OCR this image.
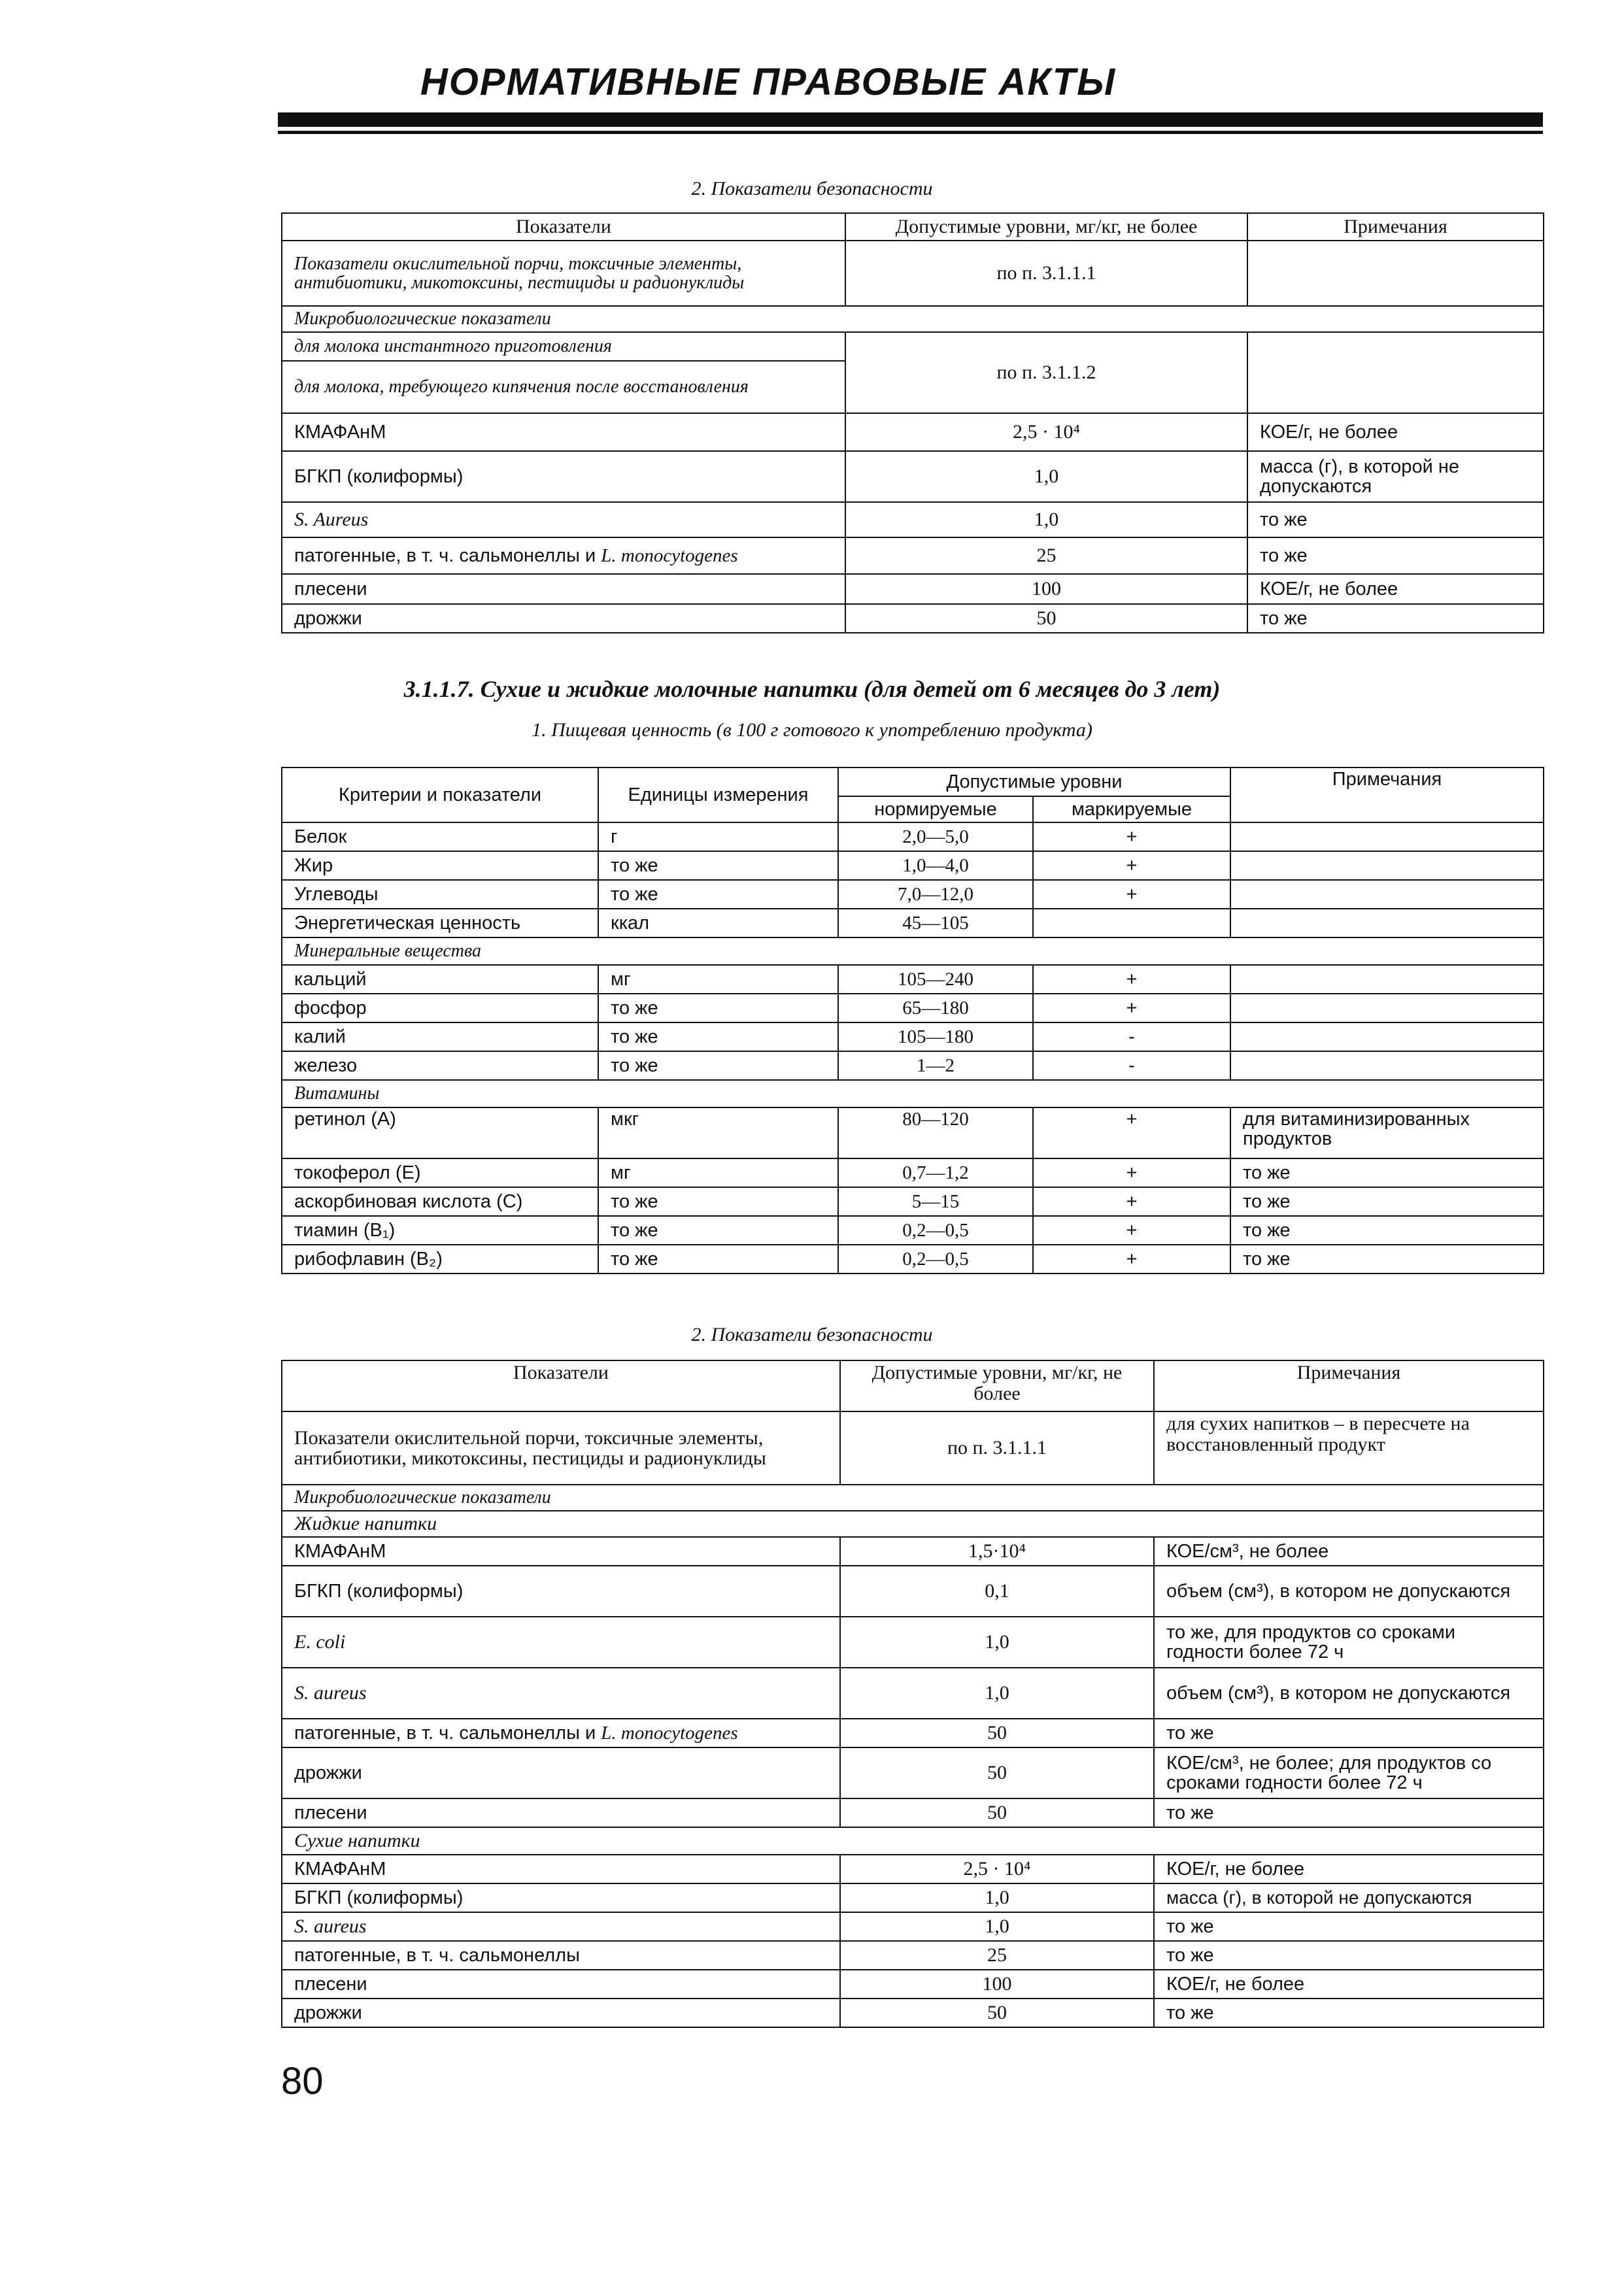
НОРМАТИВНЫЕ ПРАВОВЫЕ АКТЫ
2. Показатели безопасности
Показатели	Допустимые уровни, мг/кг, не более	Примечания
Показатели окислительной порчи, токсичные элементы, антибиотики, микотоксины, пестициды и радионуклиды	по п. 3.1.1.1	
Микробиологические показатели		
для молока инстантного приготовления	по п. 3.1.1.2	
для молока, требующего кипячения после восстановления		
КМАФАнМ	2,5 · 10⁴	КОЕ/г, не более
БГКП (колиформы)	1,0	масса (г), в которой не допускаются
S. Aureus	1,0	то же
патогенные, в т. ч. сальмонеллы и L. monocytogenes	25	то же
плесени	100	КОЕ/г, не более
дрожжи	50	то же
3.1.1.7. Сухие и жидкие молочные напитки (для детей от 6 месяцев до 3 лет)
1. Пищевая ценность (в 100 г готового к употреблению продукта)
Критерии и показатели	Единицы измерения	Допустимые уровни		Примечания
		нормируемые	маркируемые	
Белок	г	2,0—5,0	+	
Жир	то же	1,0—4,0	+	
Углеводы	то же	7,0—12,0	+	
Энергетическая ценность	ккал	45—105		
Минеральные вещества				
кальций	мг	105—240	+	
фосфор	то же	65—180	+	
калий	то же	105—180	-	
железо	то же	1—2	-	
Витамины				
ретинол (А)	мкг	80—120	+	для витаминизированных продуктов
токоферол (Е)	мг	0,7—1,2	+	то же
аскорбиновая кислота (С)	то же	5—15	+	то же
тиамин (В₁)	то же	0,2—0,5	+	то же
рибофлавин (В₂)	то же	0,2—0,5	+	то же
2. Показатели безопасности
Показатели	Допустимые уровни, мг/кг, не более	Примечания
Показатели окислительной порчи, токсичные элементы, антибиотики, микотоксины, пестициды и радионуклиды	по п. 3.1.1.1	для сухих напитков – в пересчете на восстановленный продукт
Микробиологические показатели		
Жидкие напитки		
КМАФАнМ	1,5·10⁴	КОЕ/см³, не более
БГКП (колиформы)	0,1	объем (см³), в котором не допускаются
E. coli	1,0	то же, для продуктов со сроками годности более 72 ч
S. aureus	1,0	объем (см³), в котором не допускаются
патогенные, в т. ч. сальмонеллы и L. monocytogenes	50	то же
дрожжи	50	КОЕ/см³, не более; для продуктов со сроками годности более 72 ч
плесени	50	то же
Сухие напитки		
КМАФАнМ	2,5 · 10⁴	КОЕ/г, не более
БГКП (колиформы)	1,0	масса (г), в которой не допускаются
S. aureus	1,0	то же
патогенные, в т. ч. сальмонеллы	25	то же
плесени	100	КОЕ/г, не более
дрожжи	50	то же
80
